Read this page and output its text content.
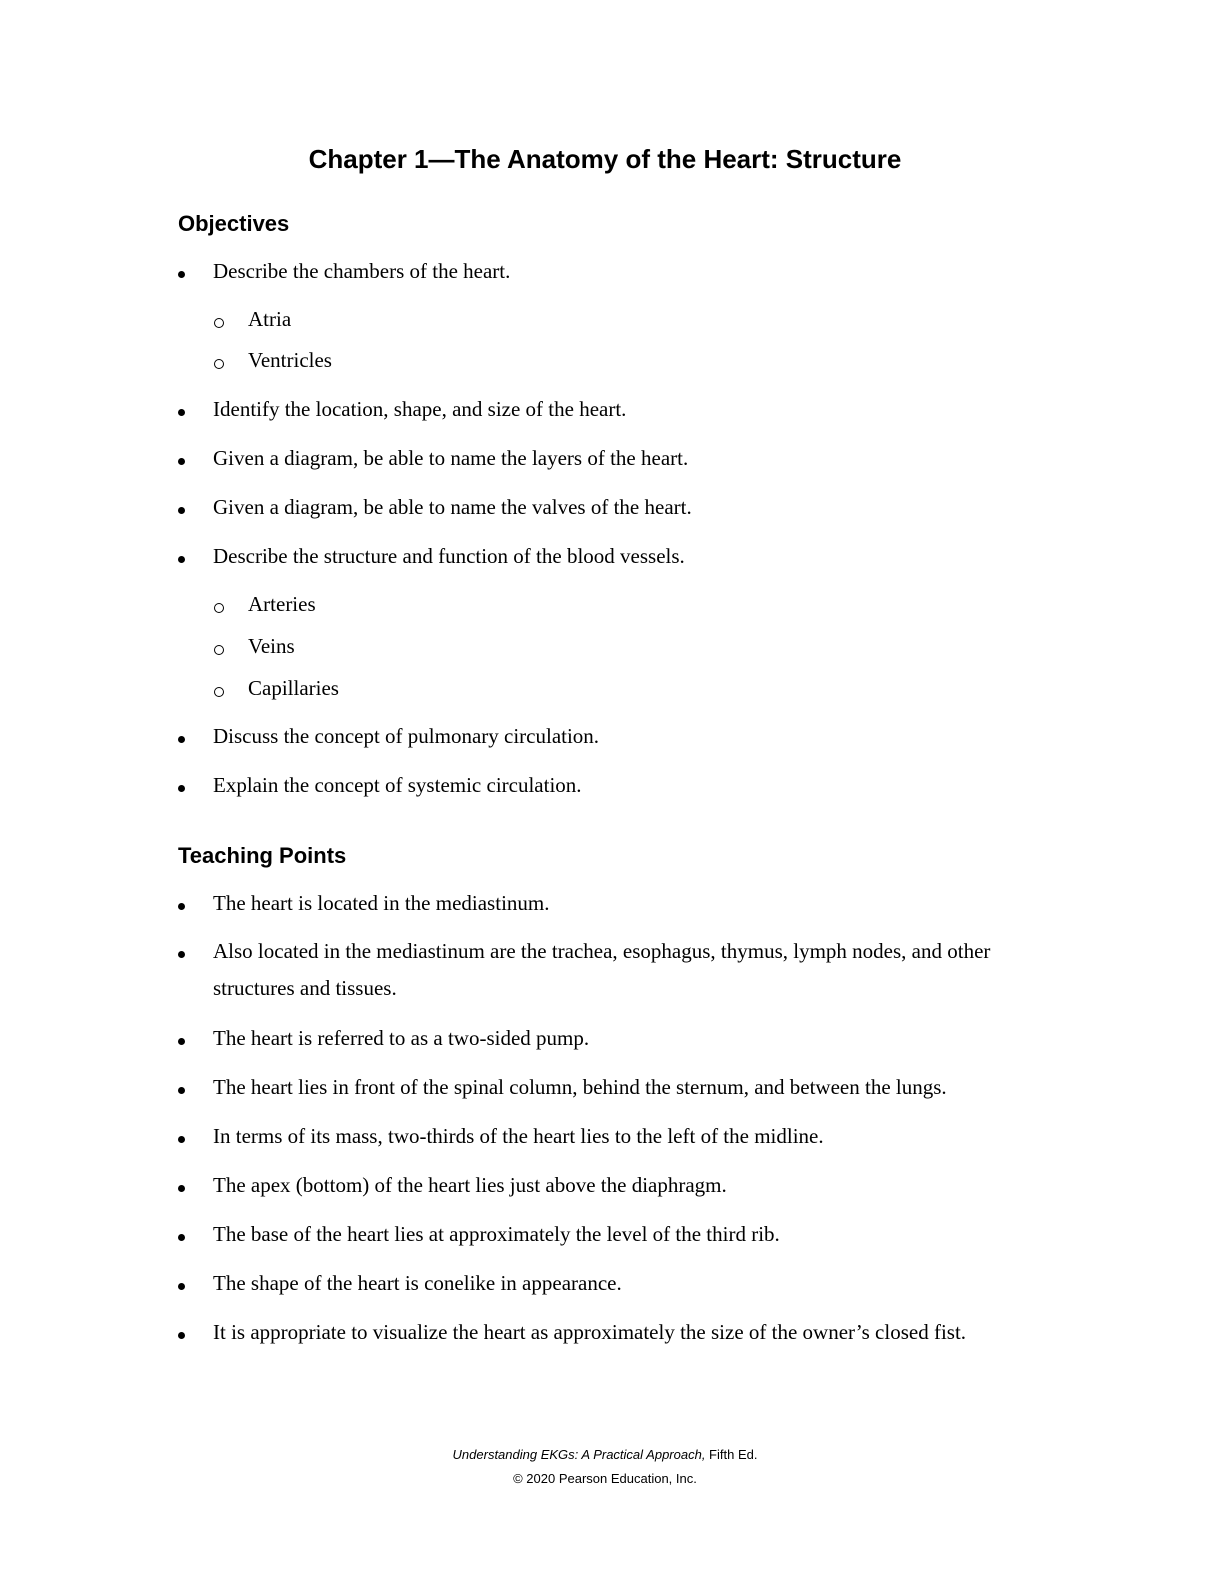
Chapter 1—The Anatomy of the Heart: Structure
Objectives
Describe the chambers of the heart.
Atria
Ventricles
Identify the location, shape, and size of the heart.
Given a diagram, be able to name the layers of the heart.
Given a diagram, be able to name the valves of the heart.
Describe the structure and function of the blood vessels.
Arteries
Veins
Capillaries
Discuss the concept of pulmonary circulation.
Explain the concept of systemic circulation.
Teaching Points
The heart is located in the mediastinum.
Also located in the mediastinum are the trachea, esophagus, thymus, lymph nodes, and other structures and tissues.
The heart is referred to as a two-sided pump.
The heart lies in front of the spinal column, behind the sternum, and between the lungs.
In terms of its mass, two-thirds of the heart lies to the left of the midline.
The apex (bottom) of the heart lies just above the diaphragm.
The base of the heart lies at approximately the level of the third rib.
The shape of the heart is conelike in appearance.
It is appropriate to visualize the heart as approximately the size of the owner’s closed fist.
Understanding EKGs: A Practical Approach, Fifth Ed.
© 2020 Pearson Education, Inc.
